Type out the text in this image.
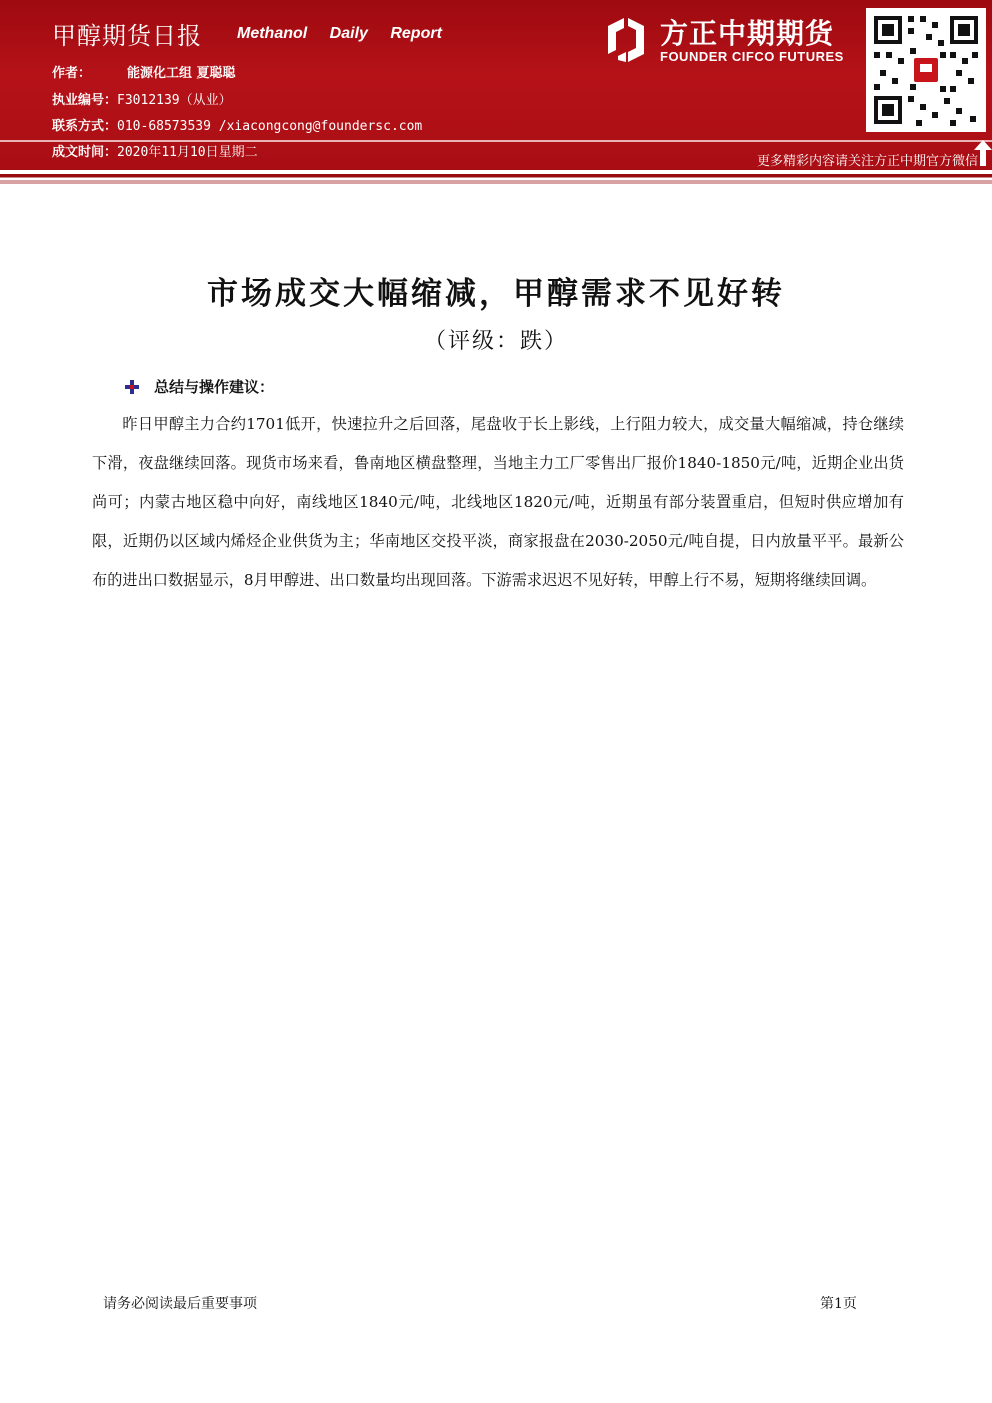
甲醇期货日报 Methanol Daily Report
作者：	能源化工组 夏聪聪
执业编号：F3012139（从业）
联系方式：010-68573539 /xiacongcong@foundersc.com
成文时间：2020年11月10日星期二
方正中期期货
FOUNDER CIFCO FUTURES
更多精彩内容请关注方正中期官方微信
市场成交大幅缩减，甲醇需求不见好转
（评级：跌）
总结与操作建议：
昨日甲醇主力合约1701低开，快速拉升之后回落，尾盘收于长上影线，上行阻力较大，成交量大幅缩减，持仓继续下滑，夜盘继续回落。现货市场来看，鲁南地区横盘整理，当地主力工厂零售出厂报价1840-1850元/吨，近期企业出货尚可；内蒙古地区稳中向好，南线地区1840元/吨，北线地区1820元/吨，近期虽有部分装置重启，但短时供应增加有限，近期仍以区域内烯烃企业供货为主；华南地区交投平淡，商家报盘在2030-2050元/吨自提，日内放量平平。最新公布的进出口数据显示，8月甲醇进、出口数量均出现回落。下游需求迟迟不见好转，甲醇上行不易，短期将继续回调。
请务必阅读最后重要事项	第1页
